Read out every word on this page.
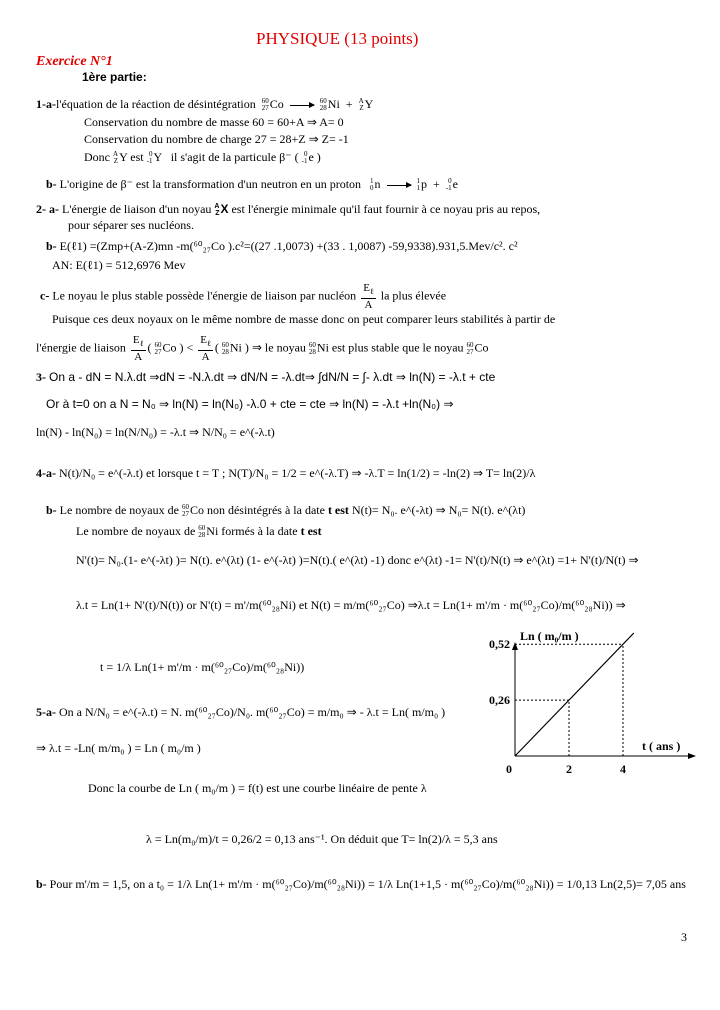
PHYSIQUE (13 points)
Exercice N°1
1ère partie:
1-a-l'équation de la réaction de désintégration 60
27 Co	60
28 Ni  + A
Z Y
Conservation du nombre de masse 60 = 60+A ⇒ A= 0
Conservation du nombre de charge 27 = 28+Z ⇒ Z= -1
Donc A
Z Y est 0
-1 Y   il s'agit de la particule β⁻ ( 0
-1 e )
b- L'origine de β⁻ est la transformation d'un neutron en un proton 1
0 n	1
1 p  + 0
-1 e
2- a- L'énergie de liaison d'un noyau A
Z X est l'énergie minimale qu'il faut fournir à ce noyau pris au repos,
pour séparer ses nucléons.
b- E(ℓ1) =(Zmp+(A-Z)mn -m(⁶⁰₂₇Co ).c²=((27 .1,0073) +(33 . 1,0087) -59,9338).931,5.Mev/c². c²
AN: E(ℓ1) = 512,6976 Mev
c- Le noyau le plus stable possède l'énergie de liaison par nucléon $\frac{E_\ell}{A}$ la plus élevée
Puisque ces deux noyaux on le même nombre de masse donc on peut comparer leurs stabilités à partir de
l'énergie de liaison $\frac{E_\ell}{A}$ ( 60
27 Co ) < $\frac{E_\ell}{A}$ ( 60
28 Ni ) ⇒ le noyau 60
28 Ni est plus stable que le noyau 60
27 Co
3- On a - dN = N.λ.dt ⇒dN = -N.λ.dt ⇒ dN/N = -λ.dt⇒ ∫dN/N = ∫- λ.dt ⇒ ln(N) = -λ.t + cte
Or à t=0 on a N = N₀ ⇒ ln(N) = ln(N₀) -λ.0 + cte = cte ⇒ ln(N) = -λ.t +ln(N₀) ⇒
ln(N) - ln(N₀) = ln(N/N₀) = -λ.t ⇒ N/N₀ = e^(-λ.t)
4-a- N(t)/N₀ = e^(-λ.t) et lorsque t = T ; N(T)/N₀ = 1/2 = e^(-λ.T) ⇒ -λ.T = ln(1/2) = -ln(2) ⇒ T= ln(2)/λ
b- Le nombre de noyaux de 60
27 Co non désintégrés à la date t est N(t)= N₀. e^(-λt) ⇒ N₀= N(t). e^(λt)
Le nombre de noyaux de 60
28 Ni formés à la date t est
N'(t)= N₀.(1- e^(-λt) )= N(t). e^(λt) (1- e^(-λt) )=N(t).( e^(λt) -1) donc e^(λt) -1= N'(t)/N(t) ⇒ e^(λt) =1+ N'(t)/N(t) ⇒
λ.t = Ln(1+ N'(t)/N(t)) or N'(t) = m'/m(⁶⁰₂₈Ni) et N(t) = m/m(⁶⁰₂₇Co) ⇒λ.t = Ln(1+ m'/m · m(⁶⁰₂₇Co)/m(⁶⁰₂₈Ni)) ⇒
t = 1/λ Ln(1+ m'/m · m(⁶⁰₂₇Co)/m(⁶⁰₂₈Ni))
5-a- On a N/N₀ = e^(-λ.t) = N. m(⁶⁰₂₇Co)/N₀. m(⁶⁰₂₇Co) = m/m₀ ⇒ - λ.t = Ln( m/m₀ )
⇒ λ.t = -Ln( m/m₀ ) = Ln ( m₀/m )
Donc la courbe de Ln ( m₀/m ) = f(t) est une courbe linéaire de pente λ
λ = Ln(m₀/m)/t = 0,26/2 = 0,13 ans⁻¹. On déduit que T= ln(2)/λ = 5,3 ans
b- Pour m'/m = 1,5, on a t₀ = 1/λ Ln(1+ m'/m · m(⁶⁰₂₇Co)/m(⁶⁰₂₈Ni)) = 1/λ Ln(1+1,5 · m(⁶⁰₂₇Co)/m(⁶⁰₂₈Ni)) = 1/0,13 Ln(2,5)= 7,05 ans
Ln ( m₀/m )
0	2	4
0,26
0,52
t ( ans )
3
